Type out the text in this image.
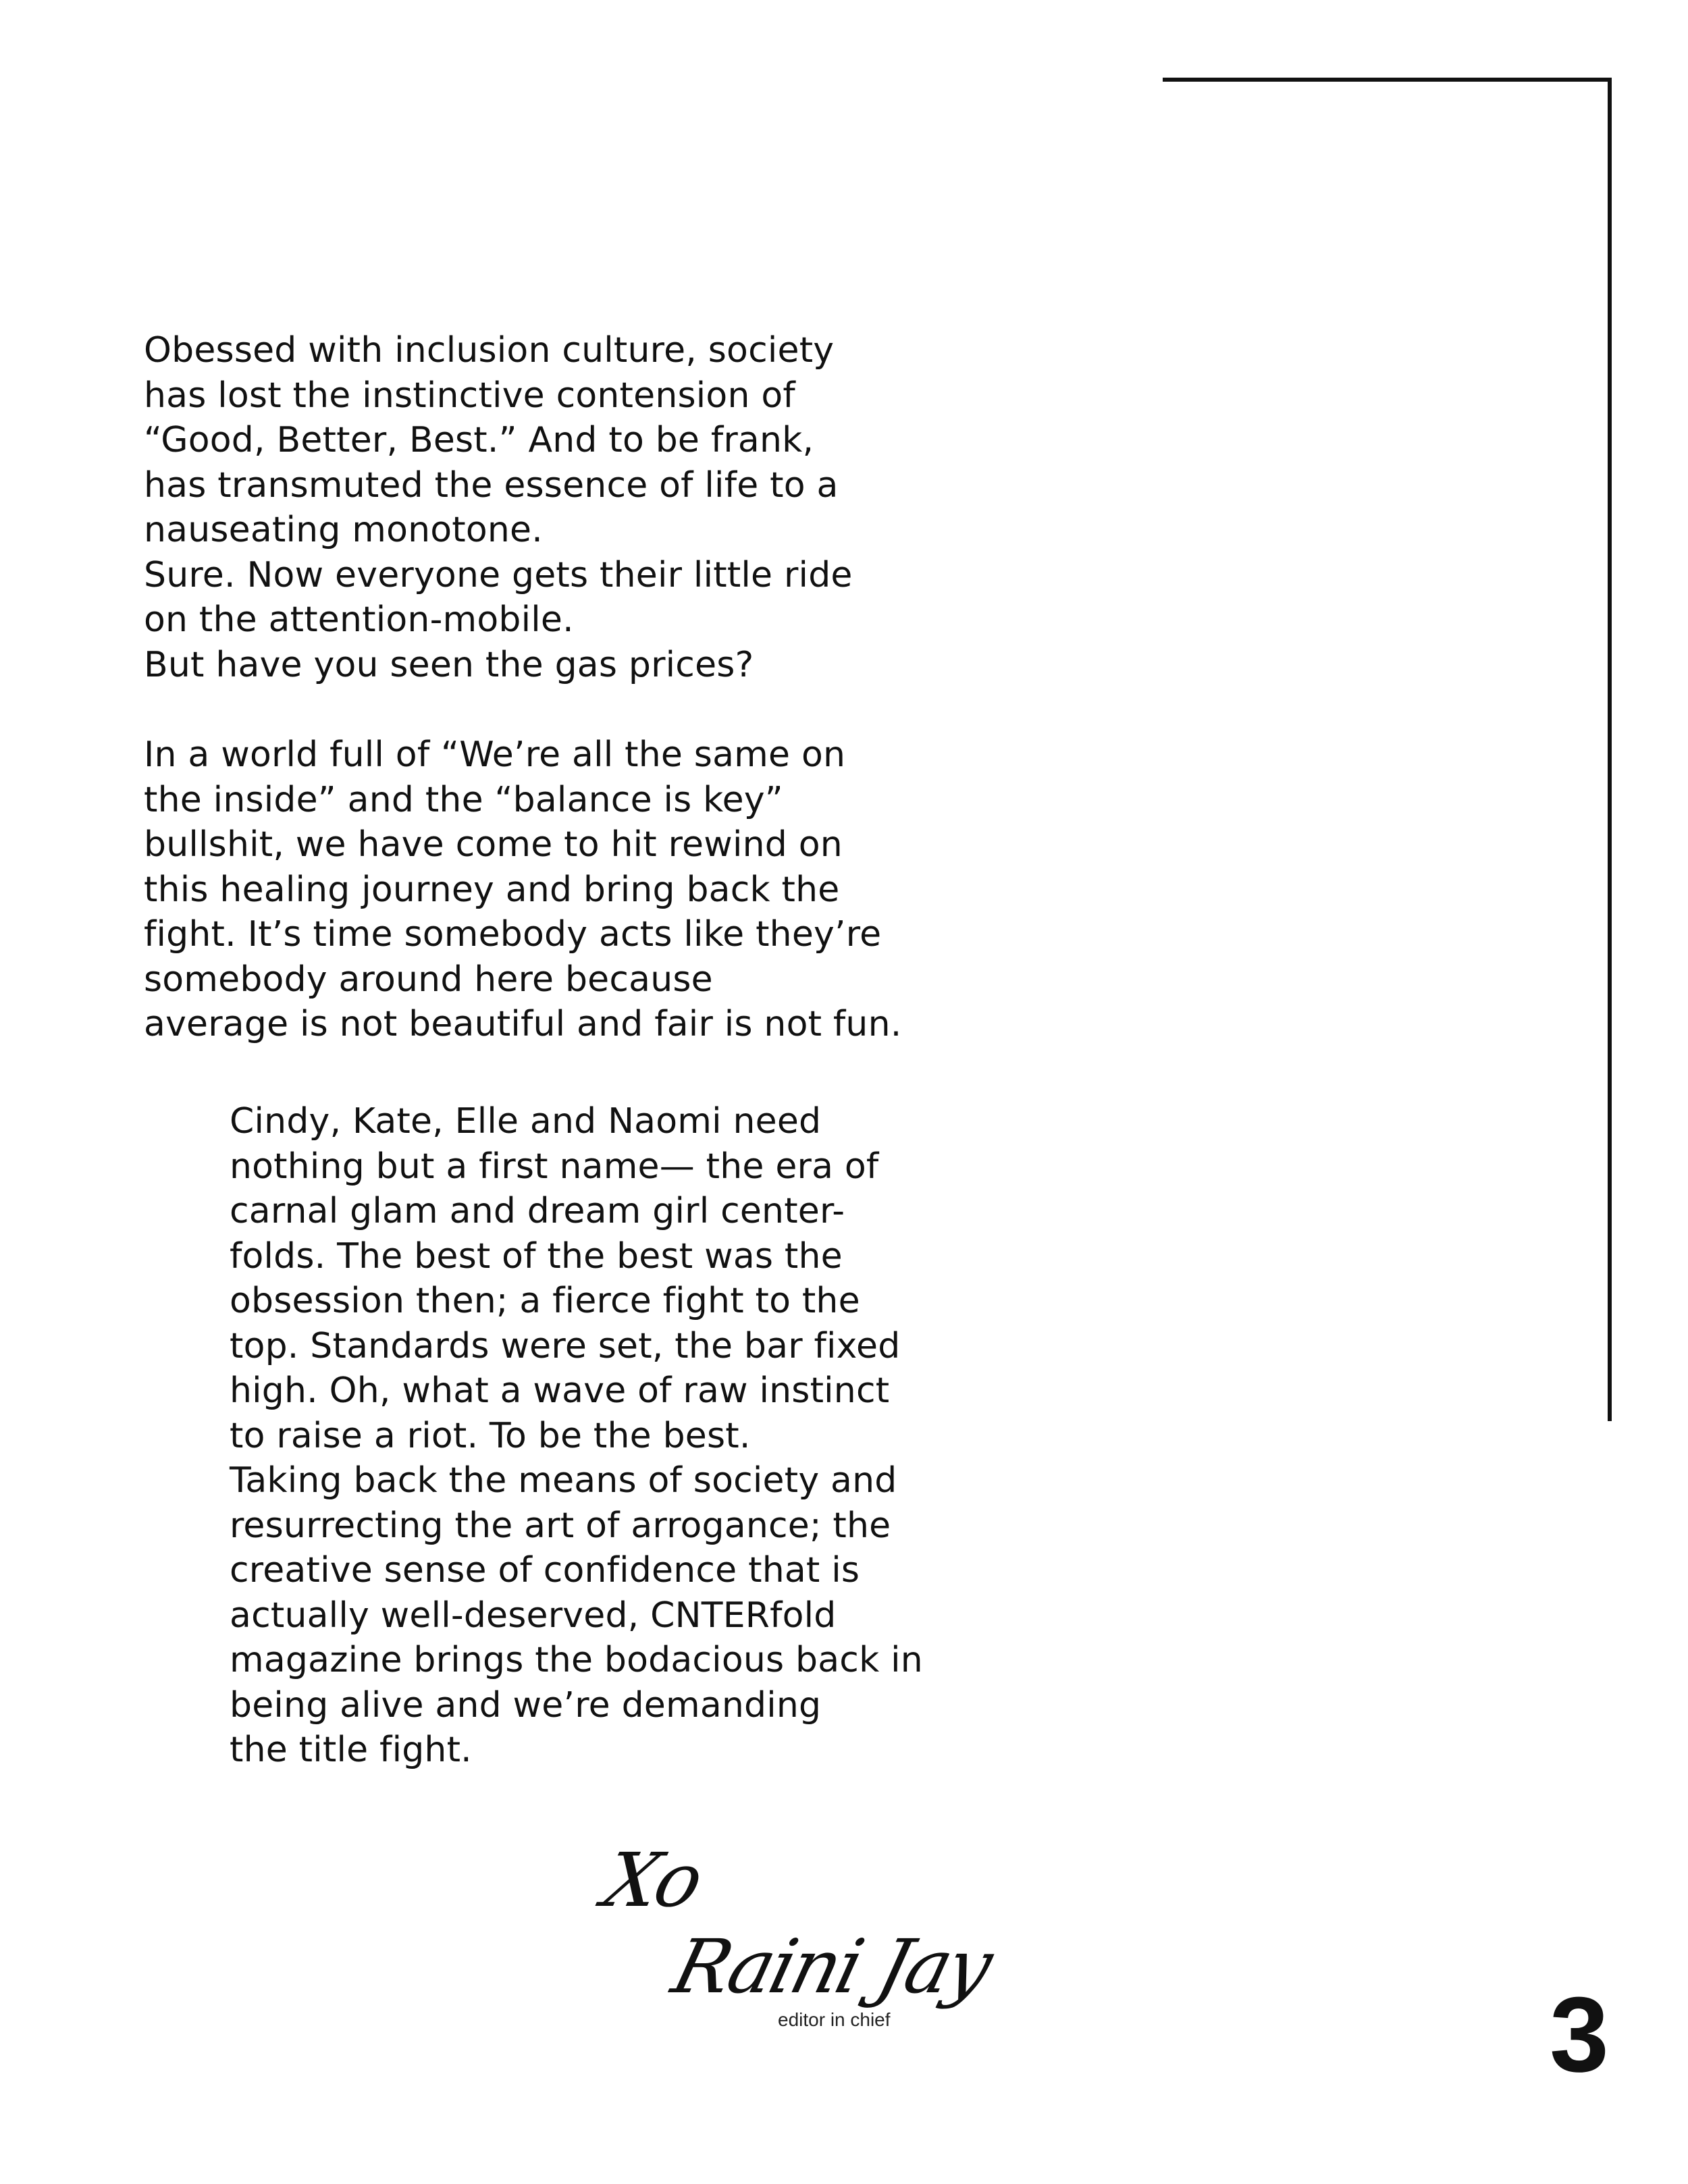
Obessed with inclusion culture, society
has lost the instinctive contension of
“Good, Better, Best.” And to be frank,
has transmuted the essence of life to a
nauseating monotone.
Sure. Now everyone gets their little ride
on the attention-mobile.
But have you seen the gas prices?
In a world full of “We’re all the same on
the inside” and the “balance is key”
bullshit, we have come to hit rewind on
this healing journey and bring back the
fight. It’s time somebody acts like they’re
somebody around here because
average is not beautiful and fair is not fun.
Cindy, Kate, Elle and Naomi need
nothing but a first name— the era of
carnal glam and dream girl center-
folds. The best of the best was the
obsession then; a fierce fight to the
top. Standards were set, the bar fixed
high. Oh, what a wave of raw instinct
to raise a riot. To be the best.
Taking back the means of society and
resurrecting the art of arrogance; the
creative sense of confidence that is
actually well-deserved, CNTERfold
magazine brings the bodacious back in
being alive and we’re demanding
the title fight.
Xo
Raini Jay
editor in chief	3
